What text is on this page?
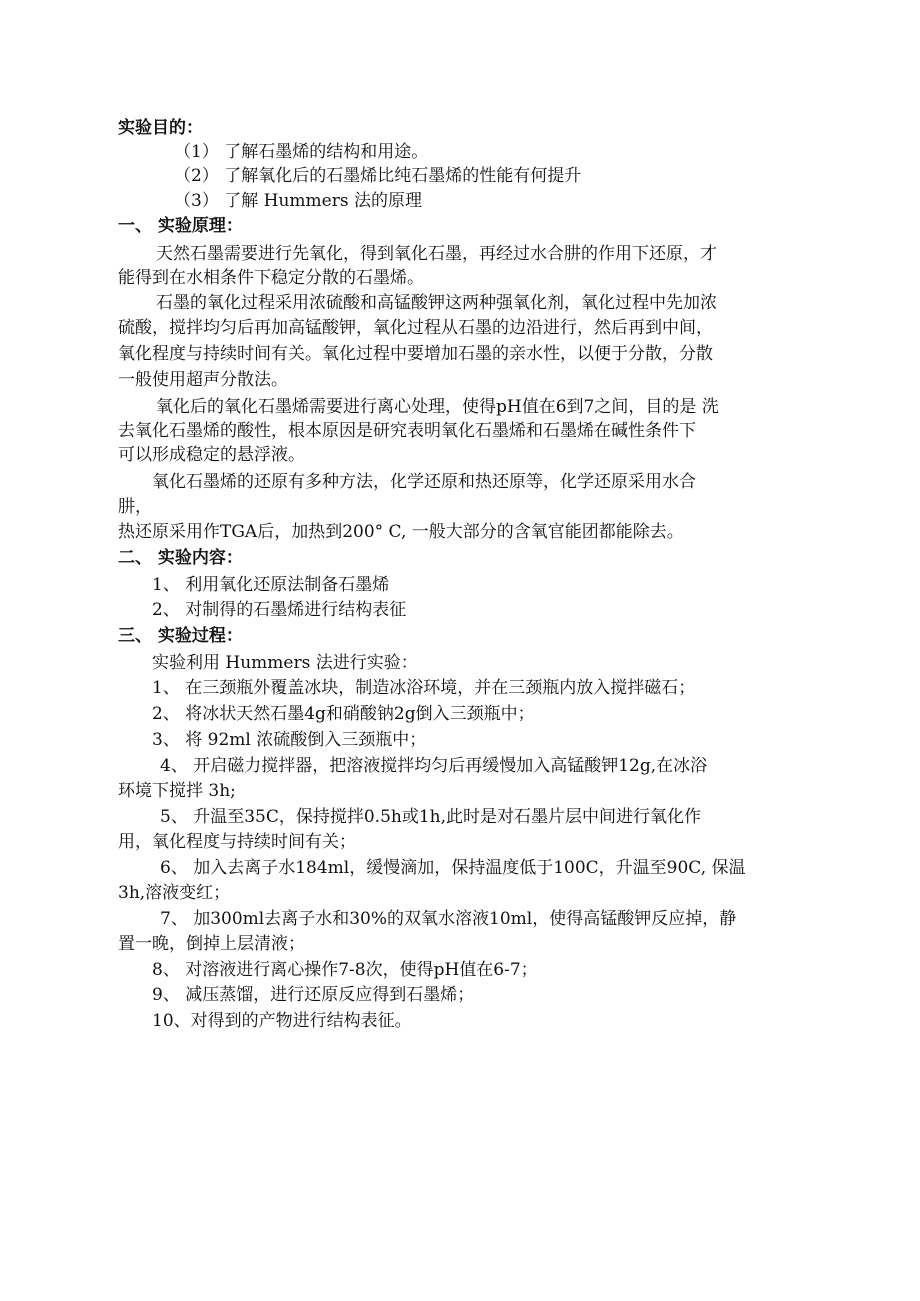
实验目的：
（1） 了解石墨烯的结构和用途。
（2） 了解氧化后的石墨烯比纯石墨烯的性能有何提升
（3） 了解 Hummers 法的原理
一、 实验原理：
天然石墨需要进行先氧化，得到氧化石墨，再经过水合肼的作用下还原，才
能得到在水相条件下稳定分散的石墨烯。
石墨的氧化过程采用浓硫酸和高锰酸钾这两种强氧化剂，氧化过程中先加浓
硫酸，搅拌均匀后再加高锰酸钾，氧化过程从石墨的边沿进行，然后再到中间，
氧化程度与持续时间有关。氧化过程中要增加石墨的亲水性，以便于分散，分散
一般使用超声分散法。
氧化后的氧化石墨烯需要进行离心处理，使得pH值在6到7之间，目的是 洗
去氧化石墨烯的酸性，根本原因是研究表明氧化石墨烯和石墨烯在碱性条件下
可以形成稳定的悬浮液。
氧化石墨烯的还原有多种方法，化学还原和热还原等，化学还原采用水合
肼，
热还原采用作TGA后，加热到200° C, 一般大部分的含氧官能团都能除去。
二、 实验内容：
1、 利用氧化还原法制备石墨烯
2、 对制得的石墨烯进行结构表征
三、 实验过程：
实验利用 Hummers 法进行实验：
1、 在三颈瓶外覆盖冰块，制造冰浴环境，并在三颈瓶内放入搅拌磁石；
2、 将冰状天然石墨4g和硝酸钠2g倒入三颈瓶中；
3、 将 92ml 浓硫酸倒入三颈瓶中；
4、 开启磁力搅拌器，把溶液搅拌均匀后再缓慢加入高锰酸钾12g,在冰浴
环境下搅拌 3h;
5、 升温至35C，保持搅拌0.5h或1h,此时是对石墨片层中间进行氧化作
用，氧化程度与持续时间有关；
6、 加入去离子水184ml，缓慢滴加，保持温度低于100C，升温至90C, 保温
3h,溶液变红；
7、 加300ml去离子水和30%的双氧水溶液10ml，使得高锰酸钾反应掉，静
置一晚，倒掉上层清液；
8、 对溶液进行离心操作7-8次，使得pH值在6-7；
9、 减压蒸馏，进行还原反应得到石墨烯；
10、对得到的产物进行结构表征。
